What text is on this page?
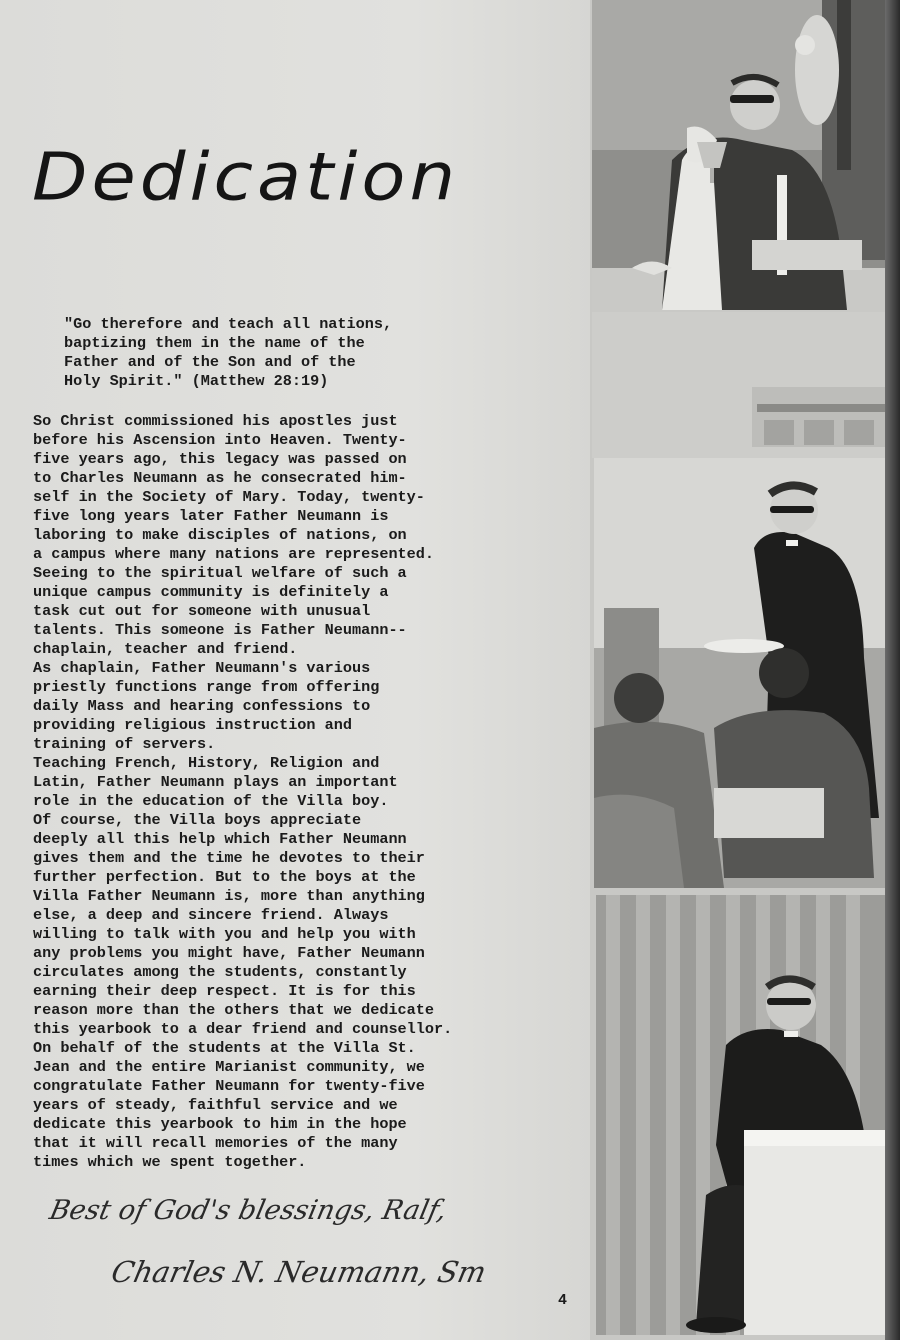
Dedication

"Go therefore and teach all nations,
baptizing them in the name of the
Father and of the Son and of the
Holy Spirit." (Matthew 28:19)

So Christ commissioned his apostles just
before his Ascension into Heaven. Twenty-
five years ago, this legacy was passed on
to Charles Neumann as he consecrated him-
self in the Society of Mary. Today, twenty-
five long years later Father Neumann is
laboring to make disciples of nations, on
a campus where many nations are represented.
Seeing to the spiritual welfare of such a
unique campus community is definitely a
task cut out for someone with unusual
talents. This someone is Father Neumann--
chaplain, teacher and friend.

As chaplain, Father Neumann's various
priestly functions range from offering
daily Mass and hearing confessions to
providing religious instruction and
training of servers.

Teaching French, History, Religion and
Latin, Father Neumann plays an important
role in the education of the Villa boy.

Of course, the Villa boys appreciate
deeply all this help which Father Neumann
gives them and the time he devotes to their
further perfection. But to the boys at the
Villa Father Neumann is, more than anything
else, a deep and sincere friend. Always
willing to talk with you and help you with
any problems you might have, Father Neumann
circulates among the students, constantly
earning their deep respect. It is for this
reason more than the others that we dedicate
this yearbook to a dear friend and counsellor.

On behalf of the students at the Villa St.
Jean and the entire Marianist community, we
congratulate Father Neumann for twenty-five
years of steady, faithful service and we
dedicate this yearbook to him in the hope
that it will recall memories of the many
times which we spent together.

Best of God's blessings, Ralf,
Charles N. Neumann, Sm
4
